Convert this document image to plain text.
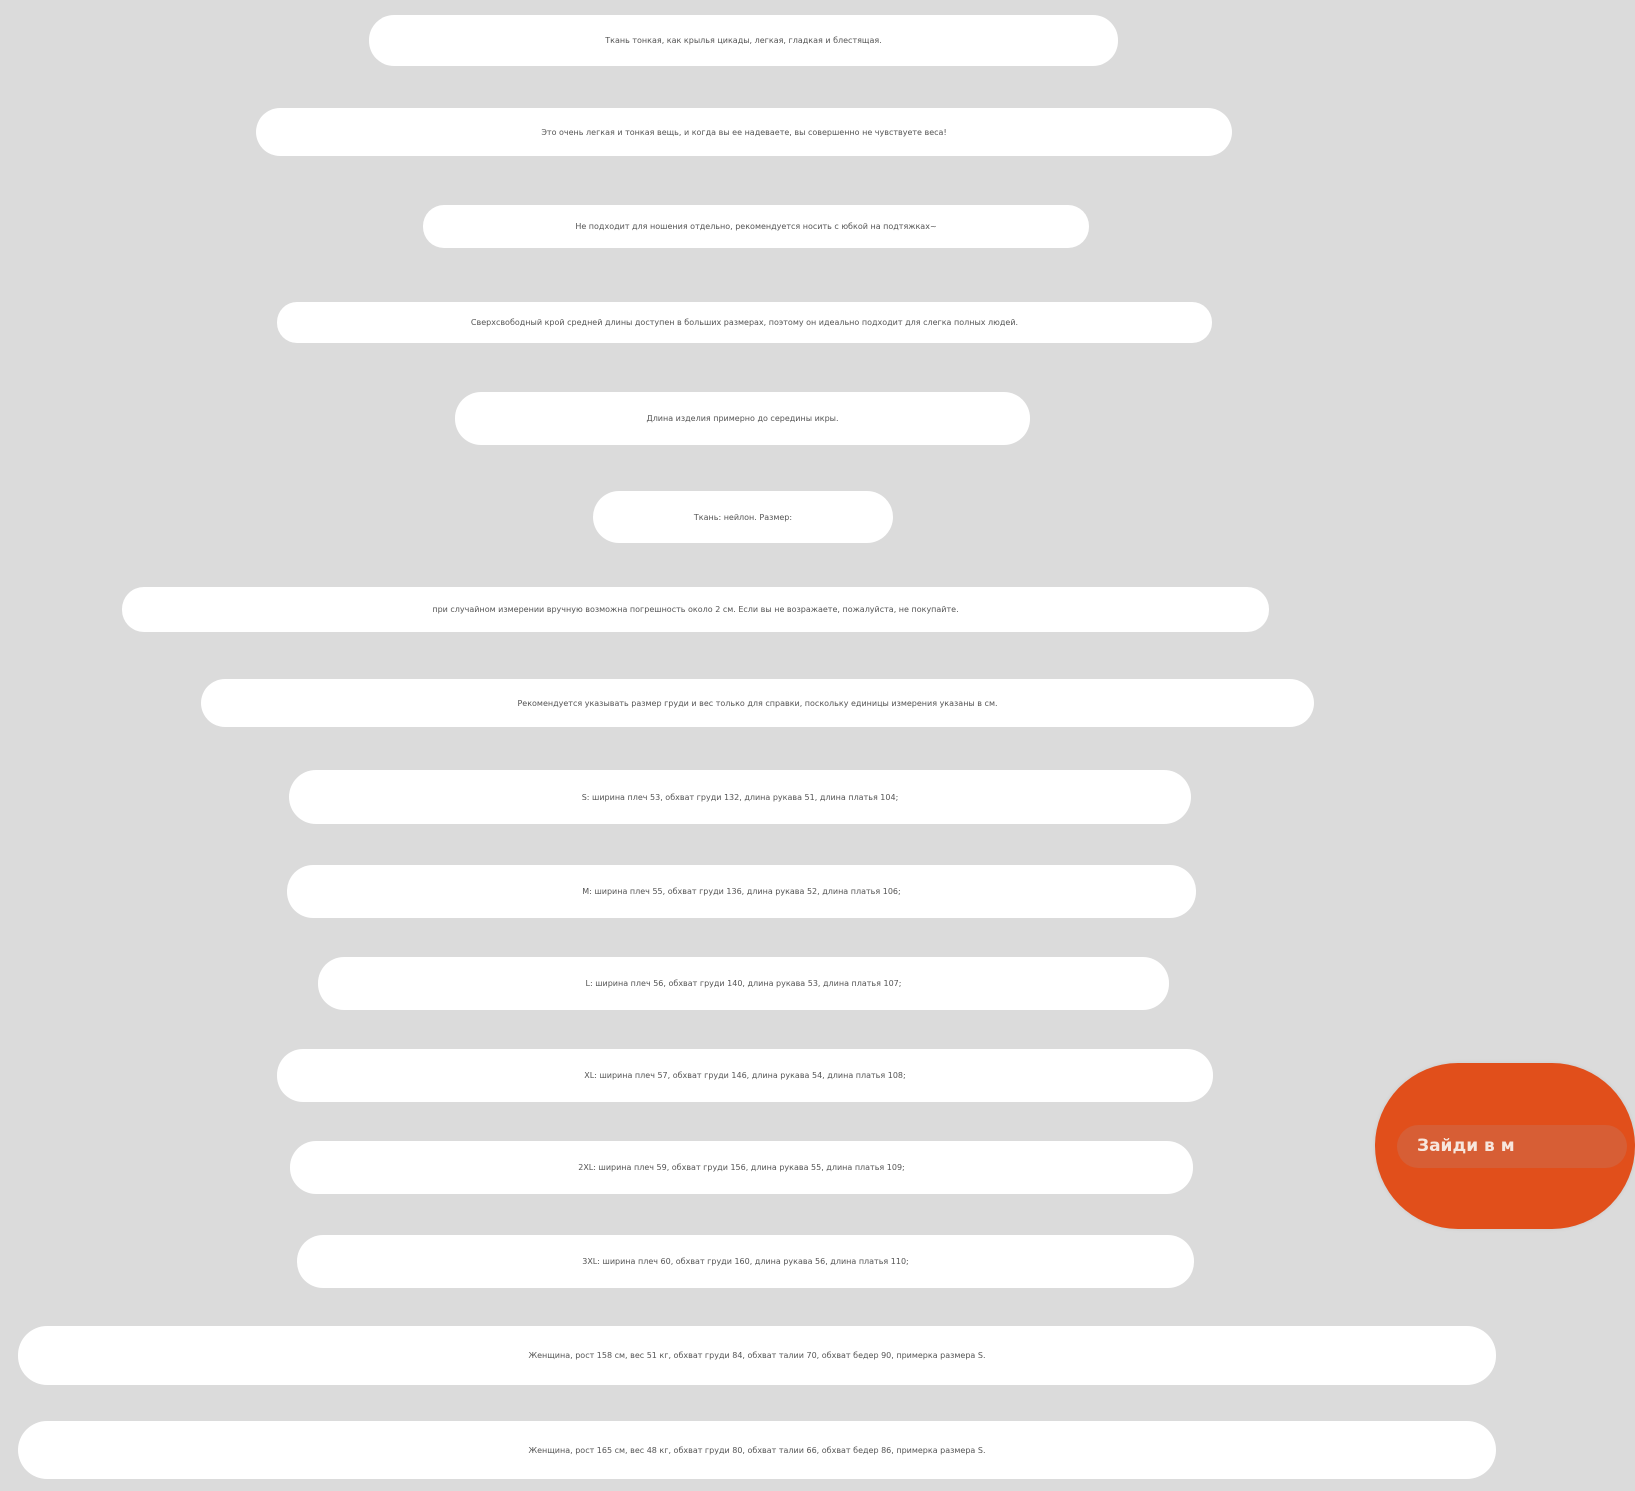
Ткань тонкая, как крылья цикады, легкая, гладкая и блестящая.
Это очень легкая и тонкая вещь, и когда вы ее надеваете, вы совершенно не чувствуете веса!
Не подходит для ношения отдельно, рекомендуется носить с юбкой на подтяжках~
Сверхсвободный крой средней длины доступен в больших размерах, поэтому он идеально подходит для слегка полных людей.
Длина изделия примерно до середины икры.
Ткань: нейлон. Размер:
при случайном измерении вручную возможна погрешность около 2 см. Если вы не возражаете, пожалуйста, не покупайте.
Рекомендуется указывать размер груди и вес только для справки, поскольку единицы измерения указаны в см.
S: ширина плеч 53, обхват груди 132, длина рукава 51, длина платья 104;
M: ширина плеч 55, обхват груди 136, длина рукава 52, длина платья 106;
L: ширина плеч 56, обхват груди 140, длина рукава 53, длина платья 107;
XL: ширина плеч 57, обхват груди 146, длина рукава 54, длина платья 108;
2XL: ширина плеч 59, обхват груди 156, длина рукава 55, длина платья 109;
3XL: ширина плеч 60, обхват груди 160, длина рукава 56, длина платья 110;
Женщина, рост 158 см, вес 51 кг, обхват груди 84, обхват талии 70, обхват бедер 90, примерка размера S.
Женщина, рост 165 см, вес 48 кг, обхват груди 80, обхват талии 66, обхват бедер 86, примерка размера S.
Зайди в м
